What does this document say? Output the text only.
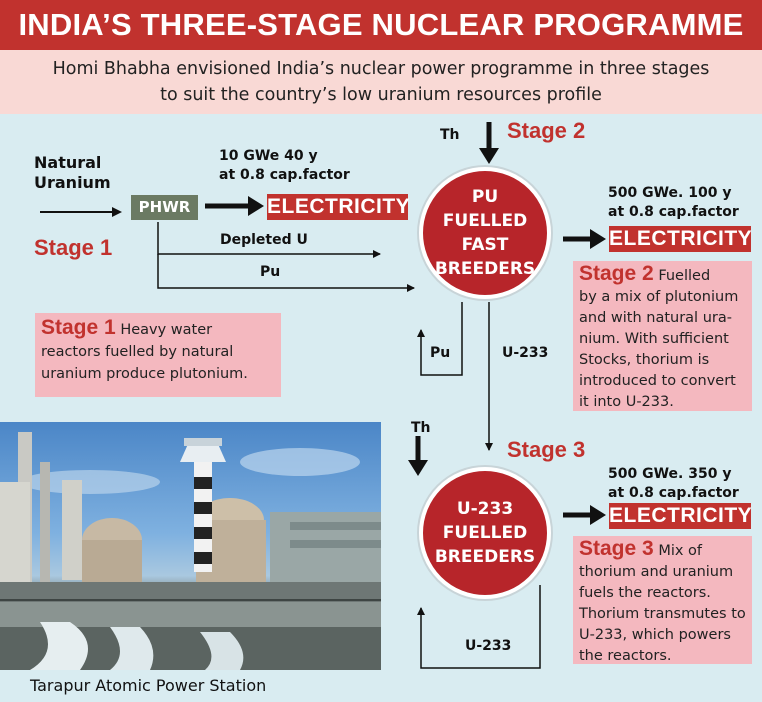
INDIA’S THREE-STAGE NUCLEAR PROGRAMME
Homi Bhabha envisioned India’s nuclear power programme in three stages
to suit the country’s low uranium resources profile
Tarapur Atomic Power Station
Natural
Uranium
PHWR
10 GWe 40 y
at 0.8 cap.factor
ELECTRICITY
Stage 1	Depleted U
Pu
Stage 1 Heavy water
reactors fuelled by natural
uranium produce plutonium.
Th Stage 2
PU
FUELLED
FAST
BREEDERS
500 GWe. 100 y
at 0.8 cap.factor
ELECTRICITY
Pu	U-233
Stage 2 Fuelled
by a mix of plutonium
and with natural ura-
nium. With sufficient
Stocks, thorium is
introduced to convert
it into U-233.
Th
Stage 3
U-233
FUELLED
BREEDERS
500 GWe. 350 y
at 0.8 cap.factor
ELECTRICITY
U-233
Stage 3 Mix of
thorium and uranium
fuels the reactors.
Thorium transmutes to
U-233, which powers
the reactors.
